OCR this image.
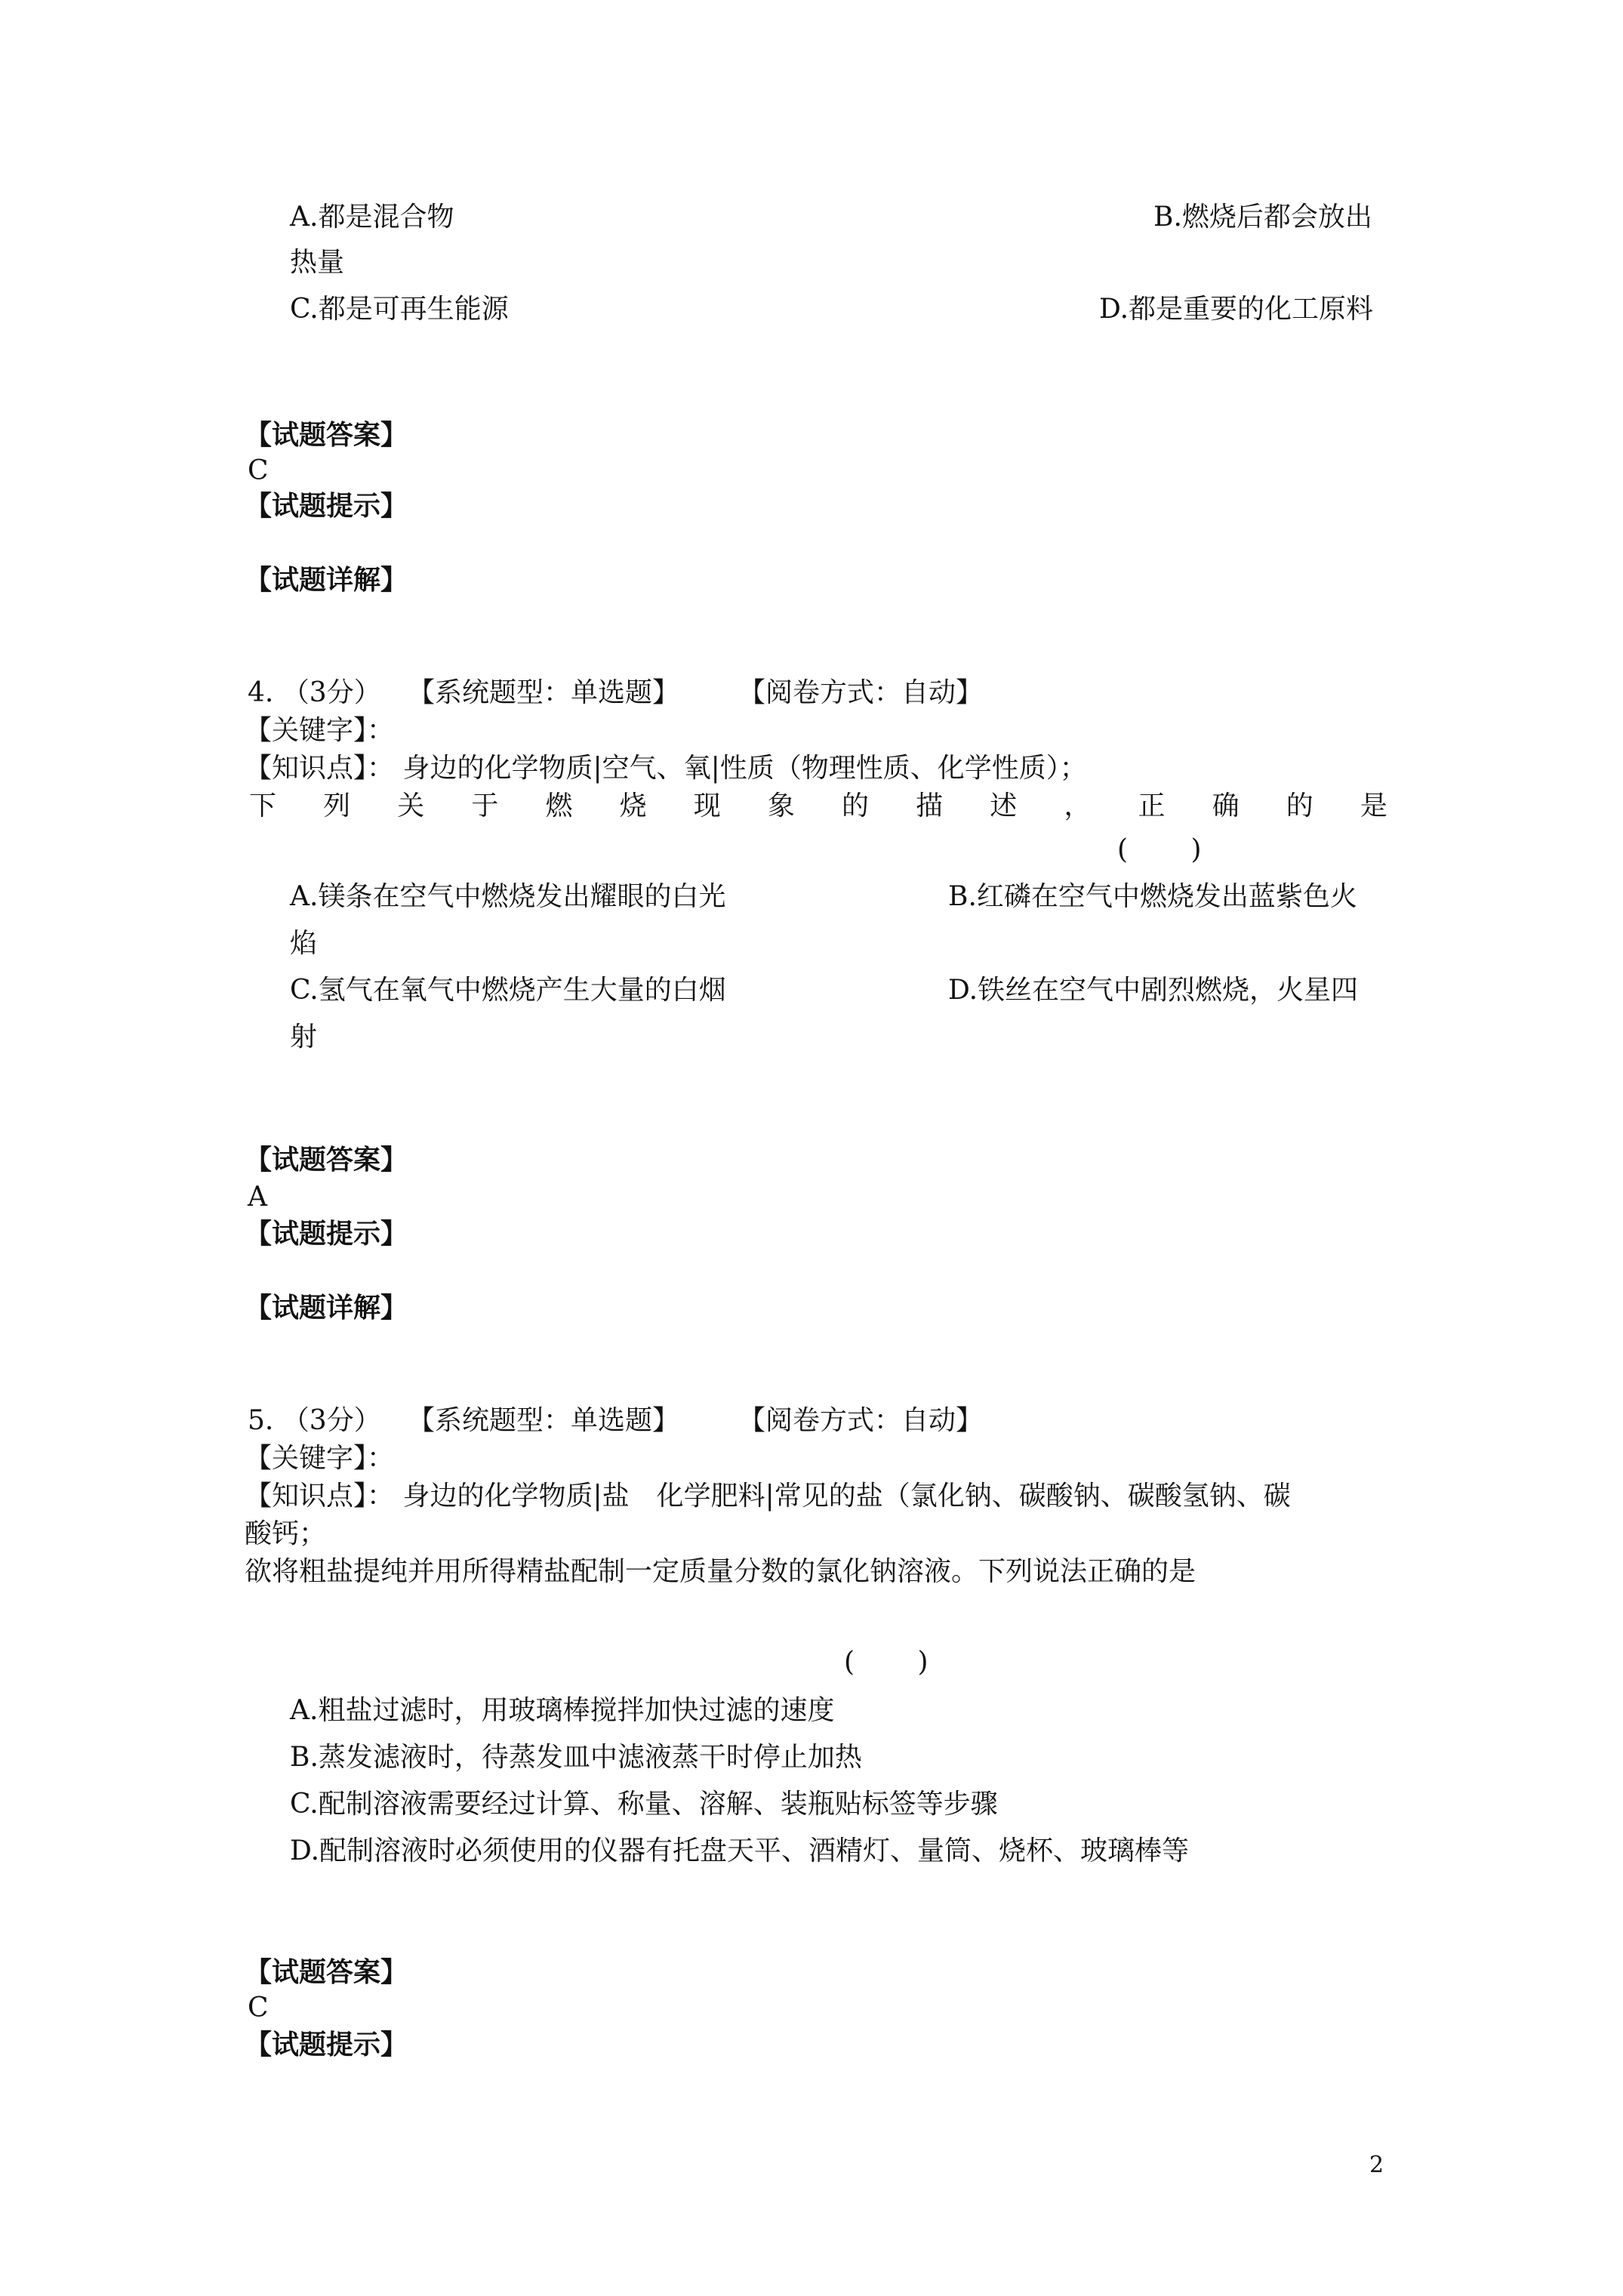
A.都是混合物	B.燃烧后都会放出
热量
C.都是可再生能源	D.都是重要的化工原料
【试题答案】
C
【试题提示】
【试题详解】
4. （3分） 【系统题型：单选题】 【阅卷方式：自动】
【关键字】：
【知识点】： 身边的化学物质|空气、氧|性质（物理性质、化学性质）；
下 列 关 于 燃 烧 现 象 的 描 述 ， 正 确 的 是
(　　 )
A.镁条在空气中燃烧发出耀眼的白光	B.红磷在空气中燃烧发出蓝紫色火
焰
C.氢气在氧气中燃烧产生大量的白烟	D.铁丝在空气中剧烈燃烧，火星四
射
【试题答案】
A
【试题提示】
【试题详解】
5. （3分） 【系统题型：单选题】 【阅卷方式：自动】
【关键字】：
【知识点】： 身边的化学物质|盐　化学肥料|常见的盐（氯化钠、碳酸钠、碳酸氢钠、碳
酸钙；
欲将粗盐提纯并用所得精盐配制一定质量分数的氯化钠溶液。下列说法正确的是
(　　 )
A.粗盐过滤时，用玻璃棒搅拌加快过滤的速度
B.蒸发滤液时，待蒸发皿中滤液蒸干时停止加热
C.配制溶液需要经过计算、称量、溶解、装瓶贴标签等步骤
D.配制溶液时必须使用的仪器有托盘天平、酒精灯、量筒、烧杯、玻璃棒等
【试题答案】
C
【试题提示】
2
